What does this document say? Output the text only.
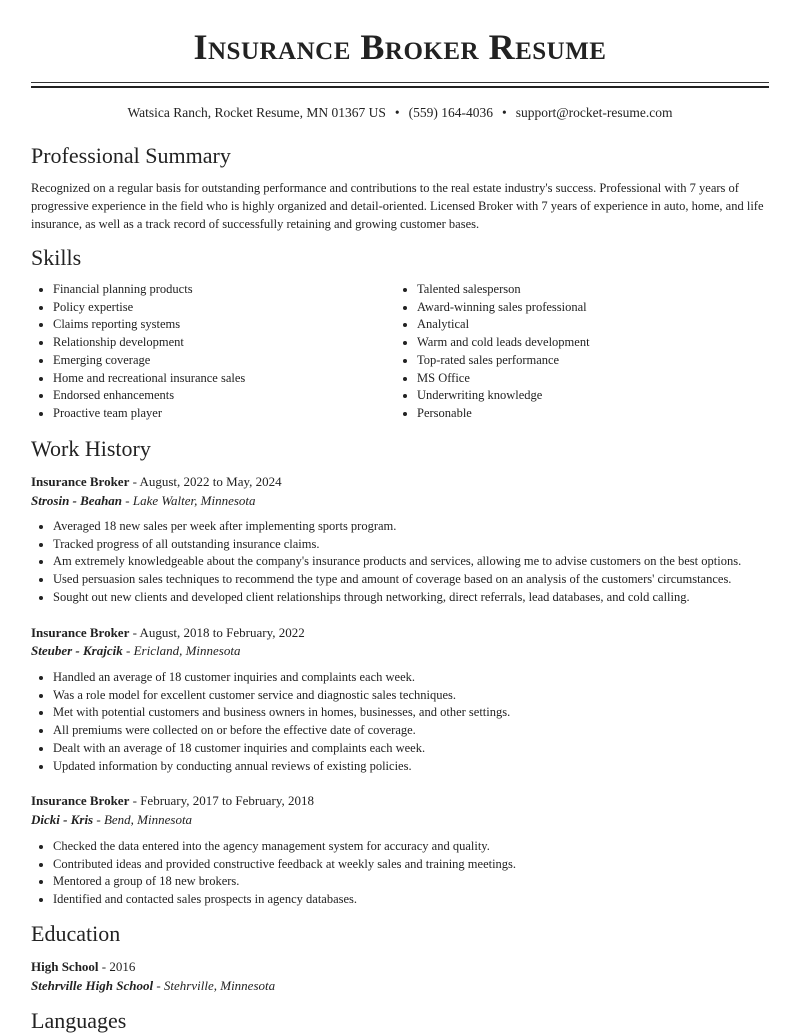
Insurance Broker Resume
Watsica Ranch, Rocket Resume, MN 01367 US • (559) 164-4036 • support@rocket-resume.com
Professional Summary
Recognized on a regular basis for outstanding performance and contributions to the real estate industry's success. Professional with 7 years of progressive experience in the field who is highly organized and detail-oriented. Licensed Broker with 7 years of experience in auto, home, and life insurance, as well as a track record of successfully retaining and growing customer bases.
Skills
• Financial planning products
• Policy expertise
• Claims reporting systems
• Relationship development
• Emerging coverage
• Home and recreational insurance sales
• Endorsed enhancements
• Proactive team player
• Talented salesperson
• Award-winning sales professional
• Analytical
• Warm and cold leads development
• Top-rated sales performance
• MS Office
• Underwriting knowledge
• Personable
Work History
Insurance Broker - August, 2022 to May, 2024
Strosin - Beahan - Lake Walter, Minnesota
• Averaged 18 new sales per week after implementing sports program.
• Tracked progress of all outstanding insurance claims.
• Am extremely knowledgeable about the company's insurance products and services, allowing me to advise customers on the best options.
• Used persuasion sales techniques to recommend the type and amount of coverage based on an analysis of the customers' circumstances.
• Sought out new clients and developed client relationships through networking, direct referrals, lead databases, and cold calling.
Insurance Broker - August, 2018 to February, 2022
Steuber - Krajcik - Ericland, Minnesota
• Handled an average of 18 customer inquiries and complaints each week.
• Was a role model for excellent customer service and diagnostic sales techniques.
• Met with potential customers and business owners in homes, businesses, and other settings.
• All premiums were collected on or before the effective date of coverage.
• Dealt with an average of 18 customer inquiries and complaints each week.
• Updated information by conducting annual reviews of existing policies.
Insurance Broker - February, 2017 to February, 2018
Dicki - Kris - Bend, Minnesota
• Checked the data entered into the agency management system for accuracy and quality.
• Contributed ideas and provided constructive feedback at weekly sales and training meetings.
• Mentored a group of 18 new brokers.
• Identified and contacted sales prospects in agency databases.
Education
High School - 2016
Stehrville High School - Stehrville, Minnesota
Languages
